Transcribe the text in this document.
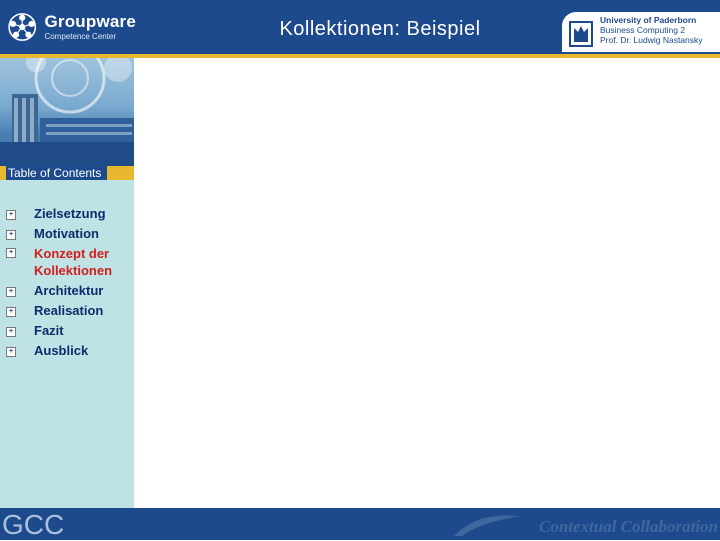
Groupware
Competence Center	Kollektionen: Beispiel	University of Paderborn
Business Computing 2
Prof. Dr. Ludwig Nastansky
Table of Contents
+ Zielsetzung
+ Motivation
+ Konzept der Kollektionen
+ Architektur
+ Realisation
+ Fazit
+ Ausblick
GCC	Contextual Collaboration
